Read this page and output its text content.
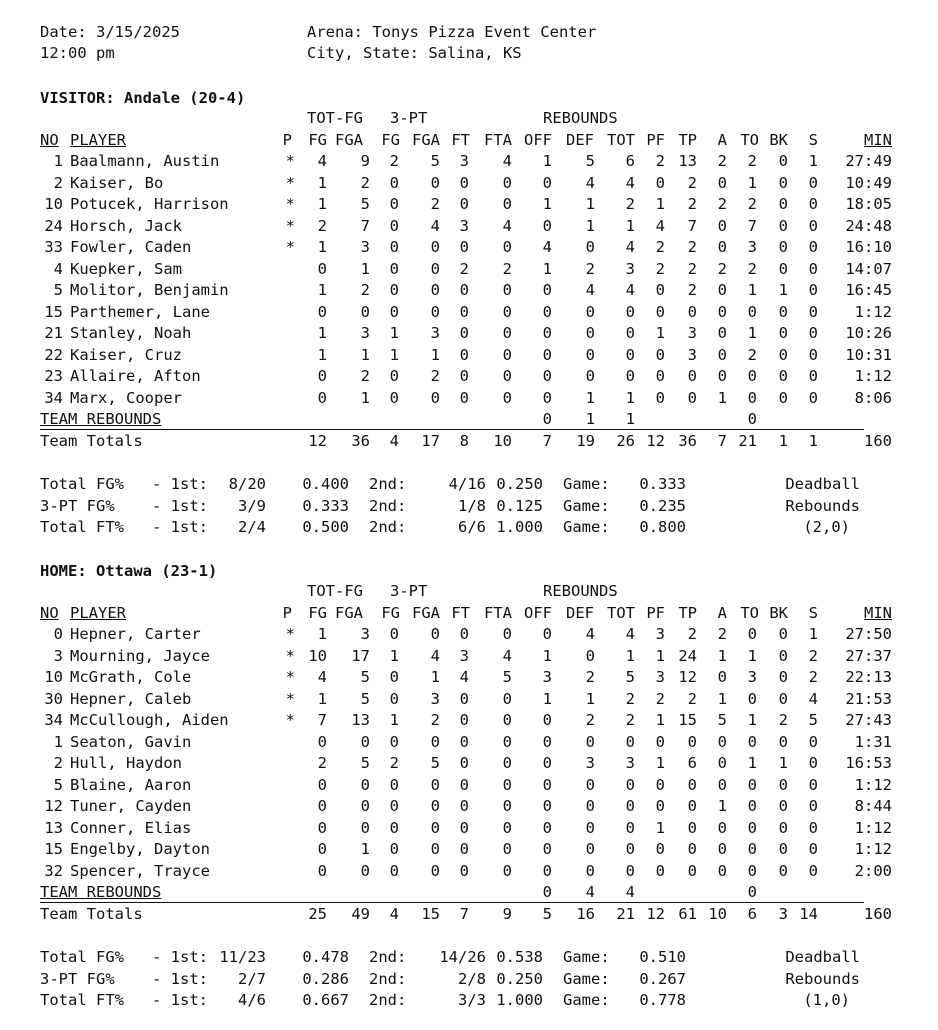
Date: 3/15/2025	Arena: Tonys Pizza Event Center
12:00 pm	City, State: Salina, KS
VISITOR: Andale (20-4)
TOT-FG 3-PT	REBOUNDS
NO PLAYER	P FG FGA FG FGA FT FTA OFF DEF TOT PF TP A TO BK S	MIN
1 Baalmann, Austin	* 4 9 2 5 3 4 1 5 6 2 13 2 2 0 1 27:49
2 Kaiser, Bo	* 1 2 0 0 0 0 0 4 4 0 2 0 1 0 0 10:49
10 Potucek, Harrison	* 1 5 0 2 0 0 1 1 2 1 2 2 2 0 0 18:05
24 Horsch, Jack	* 2 7 0 4 3 4 0 1 1 4 7 0 7 0 0 24:48
33 Fowler, Caden	* 1 3 0 0 0 0 4 0 4 2 2 0 3 0 0 16:10
4 Kuepker, Sam	0 1 0 0 2 2 1 2 3 2 2 2 2 0 0 14:07
5 Molitor, Benjamin	1 2 0 0 0 0 0 4 4 0 2 0 1 1 0 16:45
15 Parthemer, Lane	0 0 0 0 0 0 0 0 0 0 0 0 0 0 0 1:12
21 Stanley, Noah	1 3 1 3 0 0 0 0 0 1 3 0 1 0 0 10:26
22 Kaiser, Cruz	1 1 1 1 0 0 0 0 0 0 3 0 2 0 0 10:31
23 Allaire, Afton	0 2 0 2 0 0 0 0 0 0 0 0 0 0 0 1:12
34 Marx, Cooper	0 1 0 0 0 0 0 1 1 0 0 1 0 0 0 8:06
TEAM REBOUNDS	0 1 1	0
Team Totals	12 36 4 17 8 10 7 19 26 12 36 7 21 1 1	160
Total FG% - 1st: 8/20 0.400 2nd:	4/16 0.250 Game: 0.333
3-PT FG% - 1st: 3/9 0.333 2nd:	1/8 0.125 Game: 0.235
Total FT% - 1st: 2/4 0.500 2nd:	6/6 1.000 Game: 0.800
Deadball
Rebounds
(2,0)
HOME: Ottawa (23-1)
TOT-FG 3-PT	REBOUNDS
NO PLAYER	P FG FGA FG FGA FT FTA OFF DEF TOT PF TP A TO BK S	MIN
0 Hepner, Carter	* 1 3 0 0 0 0 0 4 4 3 2 2 0 0 1 27:50
3 Mourning, Jayce	* 10 17 1 4 3 4 1 0 1 1 24 1 1 0 2 27:37
10 McGrath, Cole	* 4 5 0 1 4 5 3 2 5 3 12 0 3 0 2 22:13
30 Hepner, Caleb	* 1 5 0 3 0 0 1 1 2 2 2 1 0 0 4 21:53
34 McCullough, Aiden	* 7 13 1 2 0 0 0 2 2 1 15 5 1 2 5 27:43
1 Seaton, Gavin	0 0 0 0 0 0 0 0 0 0 0 0 0 0 0 1:31
2 Hull, Haydon	2 5 2 5 0 0 0 3 3 1 6 0 1 1 0 16:53
5 Blaine, Aaron	0 0 0 0 0 0 0 0 0 0 0 0 0 0 0 1:12
12 Tuner, Cayden	0 0 0 0 0 0 0 0 0 0 0 1 0 0 0 8:44
13 Conner, Elias	0 0 0 0 0 0 0 0 0 1 0 0 0 0 0 1:12
15 Engelby, Dayton	0 1 0 0 0 0 0 0 0 0 0 0 0 0 0 1:12
32 Spencer, Trayce	0 0 0 0 0 0 0 0 0 0 0 0 0 0 0 2:00
TEAM REBOUNDS	0 4 4	0
Team Totals	25 49 4 15 7 9 5 16 21 12 61 10 6 3 14	160
Total FG% - 1st: 11/23 0.478 2nd: 14/26 0.538 Game: 0.510
3-PT FG% - 1st: 2/7 0.286 2nd:	2/8 0.250 Game: 0.267
Total FT% - 1st: 4/6 0.667 2nd:	3/3 1.000 Game: 0.778
Deadball
Rebounds
(1,0)
